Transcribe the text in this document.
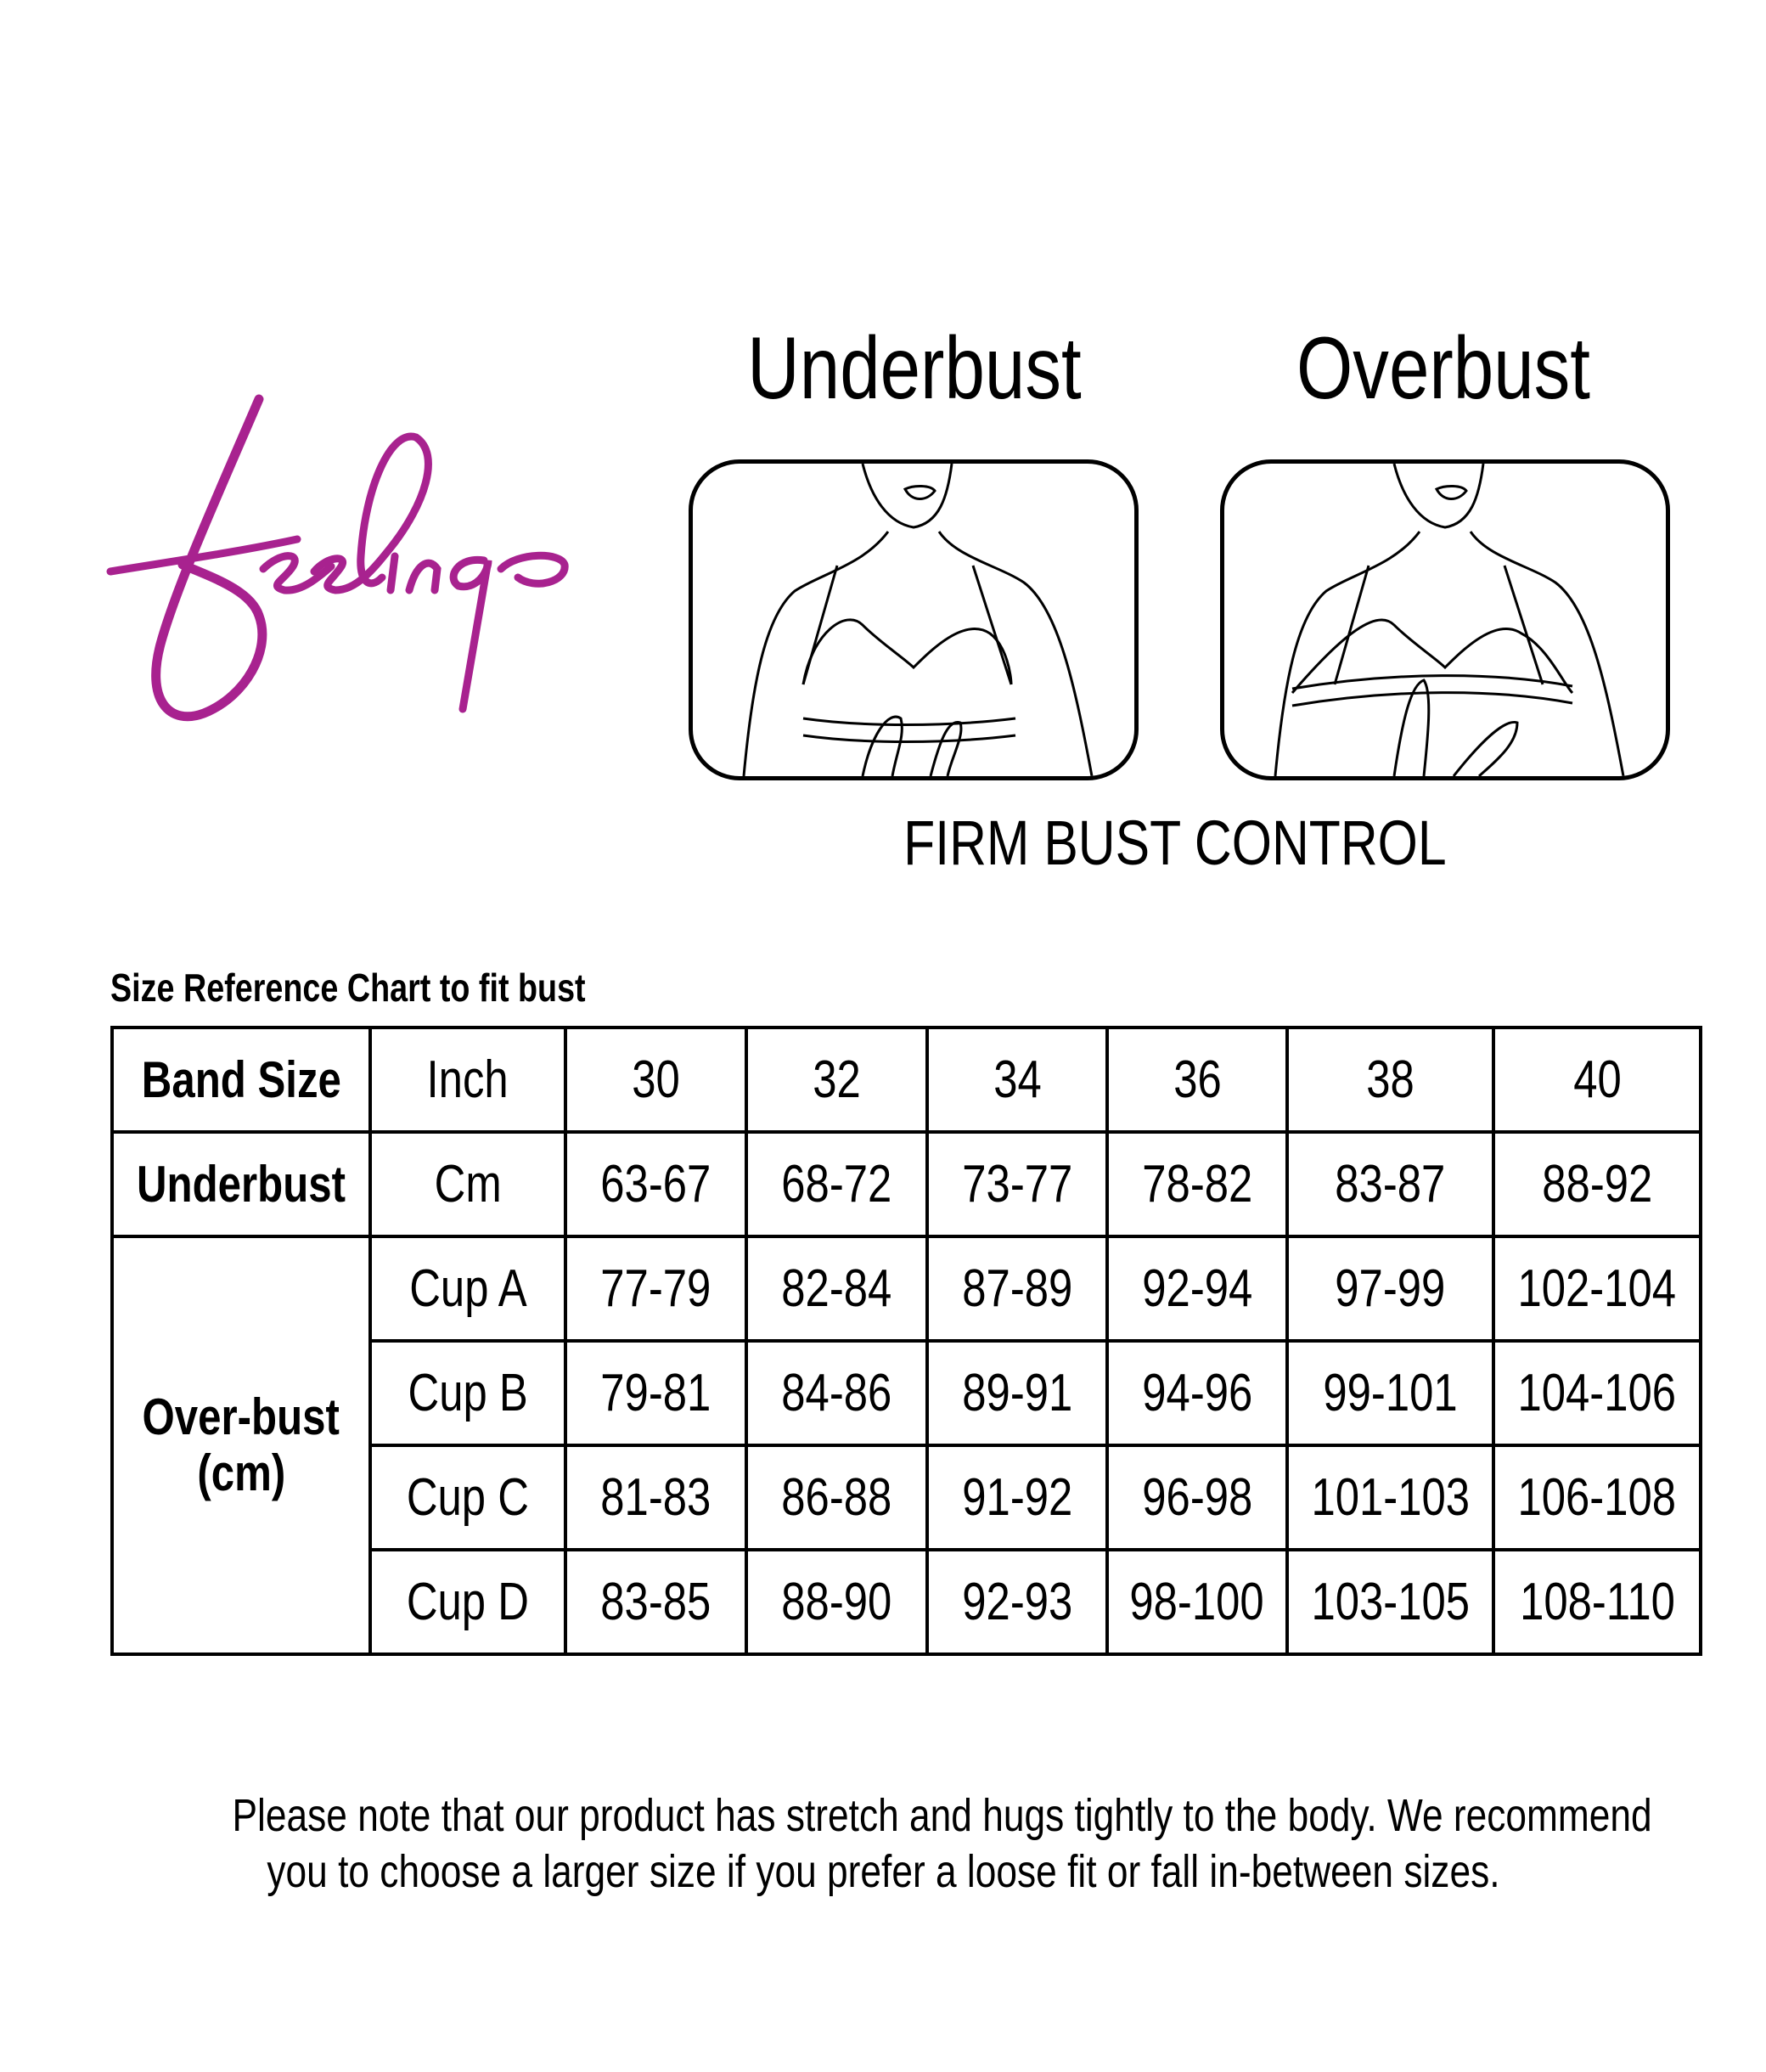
Underbust	Overbust
FIRM BUST CONTROL
Size Reference Chart to fit bust
Band Size	Inch	30	32	34	36	38	40
Underbust	Cm	63-67	68-72	73-77	78-82	83-87	88-92
Over-bust
(cm)	Cup A	77-79	82-84	87-89	92-94	97-99	102-104
	Cup B	79-81	84-86	89-91	94-96	99-101	104-106
	Cup C	81-83	86-88	91-92	96-98	101-103	106-108
	Cup D	83-85	88-90	92-93	98-100	103-105	108-110
Please note that our product has stretch and hugs tightly to the body. We recommend
you to choose a larger size if you prefer a loose fit or fall in-between sizes.
